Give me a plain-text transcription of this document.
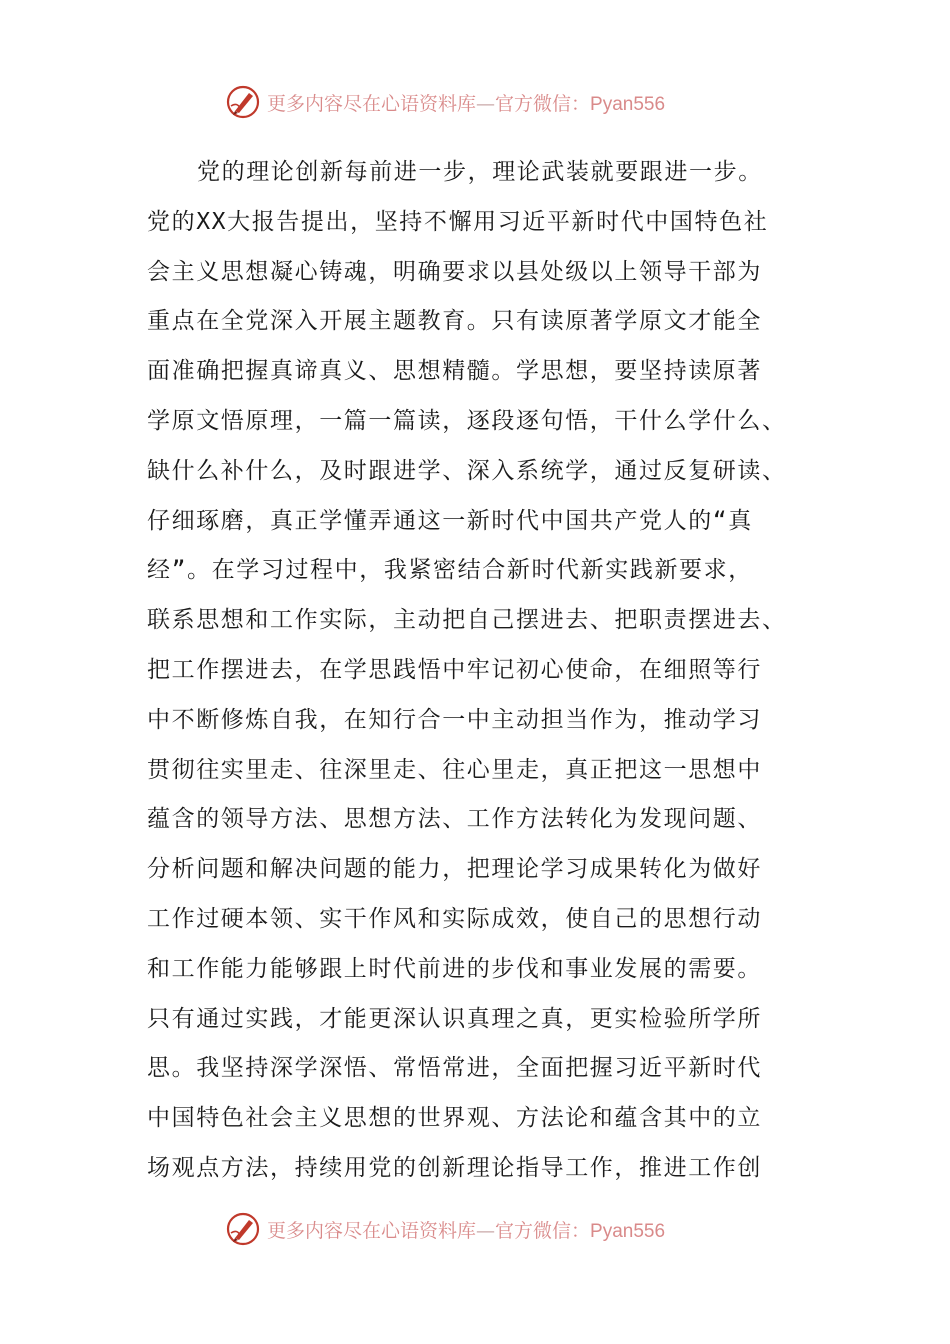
更多内容尽在心语资料库—官方微信：Pyan556
党的理论创新每前进一步，理论武装就要跟进一步。
党的XX大报告提出，坚持不懈用习近平新时代中国特色社
会主义思想凝心铸魂，明确要求以县处级以上领导干部为
重点在全党深入开展主题教育。只有读原著学原文才能全
面准确把握真谛真义、思想精髓。学思想，要坚持读原著
学原文悟原理，一篇一篇读，逐段逐句悟，干什么学什么、
缺什么补什么，及时跟进学、深入系统学，通过反复研读、
仔细琢磨，真正学懂弄通这一新时代中国共产党人的“真
经”。在学习过程中，我紧密结合新时代新实践新要求，
联系思想和工作实际，主动把自己摆进去、把职责摆进去、
把工作摆进去，在学思践悟中牢记初心使命，在细照等行
中不断修炼自我，在知行合一中主动担当作为，推动学习
贯彻往实里走、往深里走、往心里走，真正把这一思想中
蕴含的领导方法、思想方法、工作方法转化为发现问题、
分析问题和解决问题的能力，把理论学习成果转化为做好
工作过硬本领、实干作风和实际成效，使自己的思想行动
和工作能力能够跟上时代前进的步伐和事业发展的需要。
只有通过实践，才能更深认识真理之真，更实检验所学所
思。我坚持深学深悟、常悟常进，全面把握习近平新时代
中国特色社会主义思想的世界观、方法论和蕴含其中的立
场观点方法，持续用党的创新理论指导工作，推进工作创
更多内容尽在心语资料库—官方微信：Pyan556
